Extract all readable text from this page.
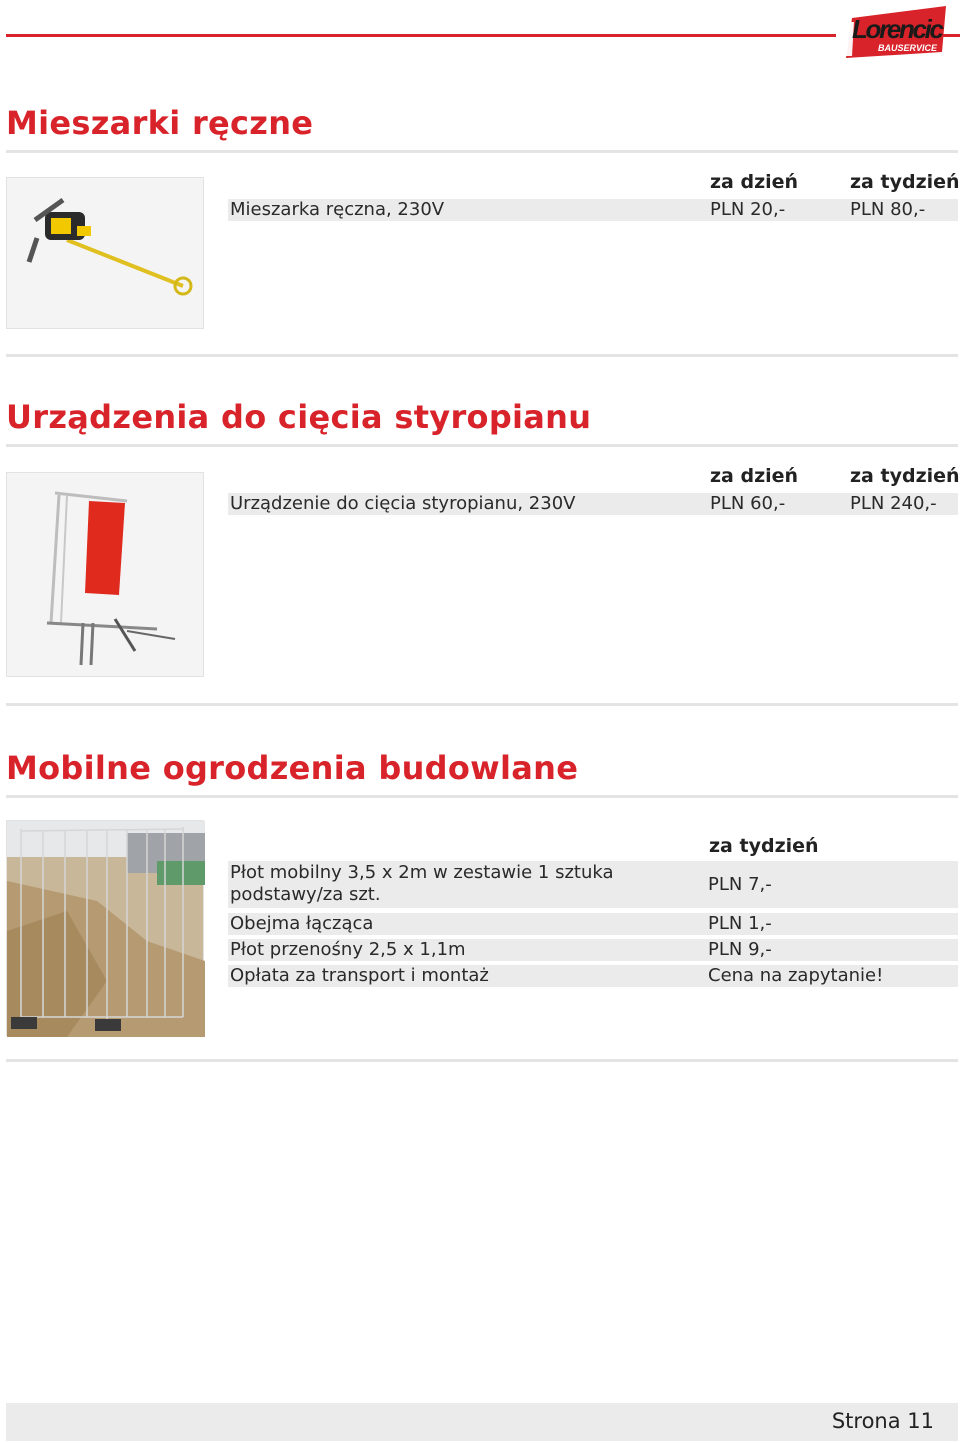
Lorencic
BAUSERVICE
Mieszarki ręczne
za dzień	za tydzień
Mieszarka ręczna, 230V	PLN 20,-	PLN 80,-
Urządzenia do cięcia styropianu
za dzień	za tydzień
Urządzenie do cięcia styropianu, 230V	PLN 60,-	PLN 240,-
Mobilne ogrodzenia budowlane
za tydzień
Płot mobilny 3,5 x 2m w zestawie 1 sztuka podstawy/za szt.	PLN 7,-
Obejma łącząca	PLN 1,-
Płot przenośny 2,5 x 1,1m	PLN 9,-
Opłata za transport i montaż	Cena na zapytanie!
Strona 11
